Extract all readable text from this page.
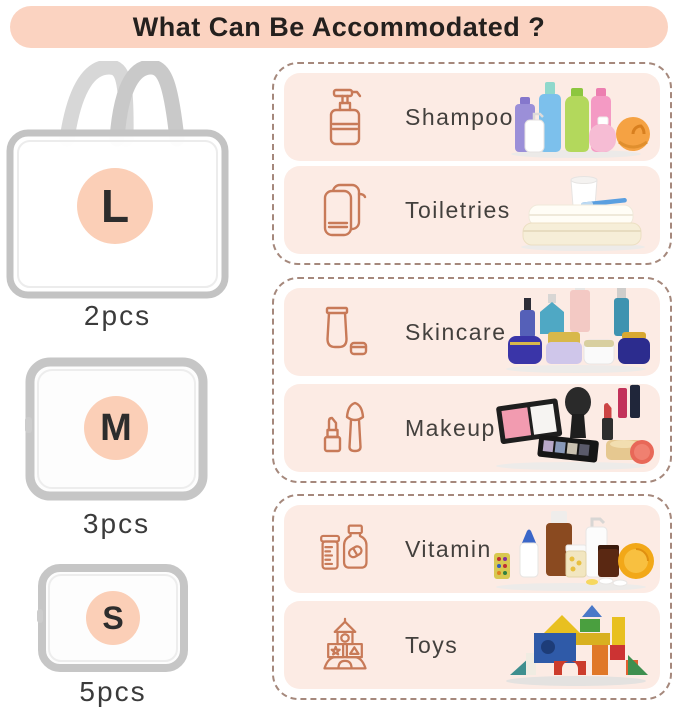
What Can Be Accommodated ?
L
2pcs
M
3pcs
S
5pcs
Shampoo
Toiletries
Skincare
Makeup
Vitamin
Toys
